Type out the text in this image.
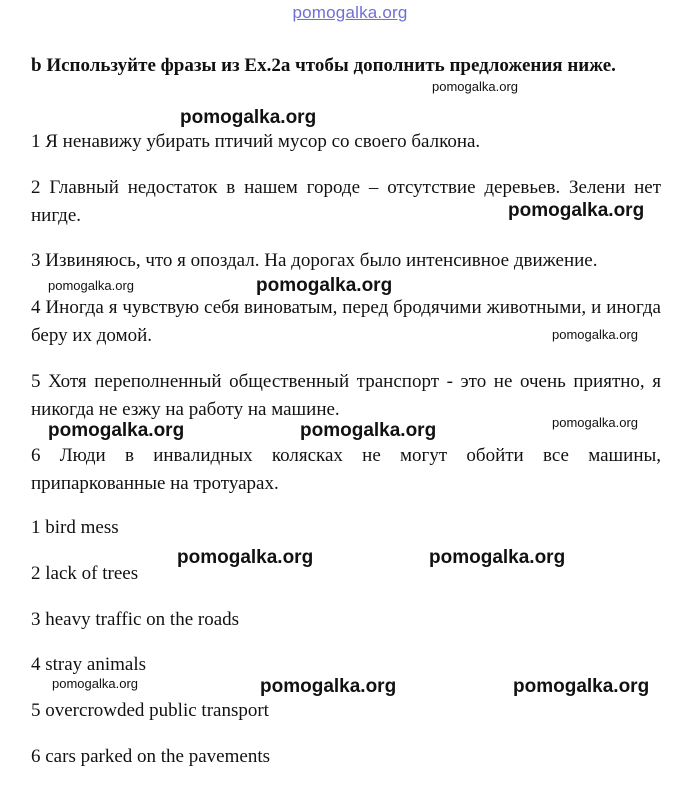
pomogalka.org
b Используйте фразы из Ex.2a чтобы дополнить предложения ниже.
1 Я ненавижу убирать птичий мусор со своего балкона.
2 Главный недостаток в нашем городе – отсутствие деревьев. Зелени нет нигде.
3 Извиняюсь, что я опоздал. На дорогах было интенсивное движение.
4 Иногда я чувствую себя виноватым, перед бродячими животными, и иногда беру их домой.
5 Хотя переполненный общественный транспорт - это не очень приятно, я никогда не езжу на работу на машине.
6 Люди в инвалидных колясках не могут обойти все машины, припаркованные на тротуарах.
1 bird mess
2 lack of trees
3 heavy traffic on the roads
4 stray animals
5 overcrowded public transport
6 cars parked on the pavements
pomogalka.org
pomogalka.org
pomogalka.org
pomogalka.org	pomogalka.org
pomogalka.org
pomogalka.org
pomogalka.org	pomogalka.org
pomogalka.org	pomogalka.org
pomogalka.org	pomogalka.org	pomogalka.org
